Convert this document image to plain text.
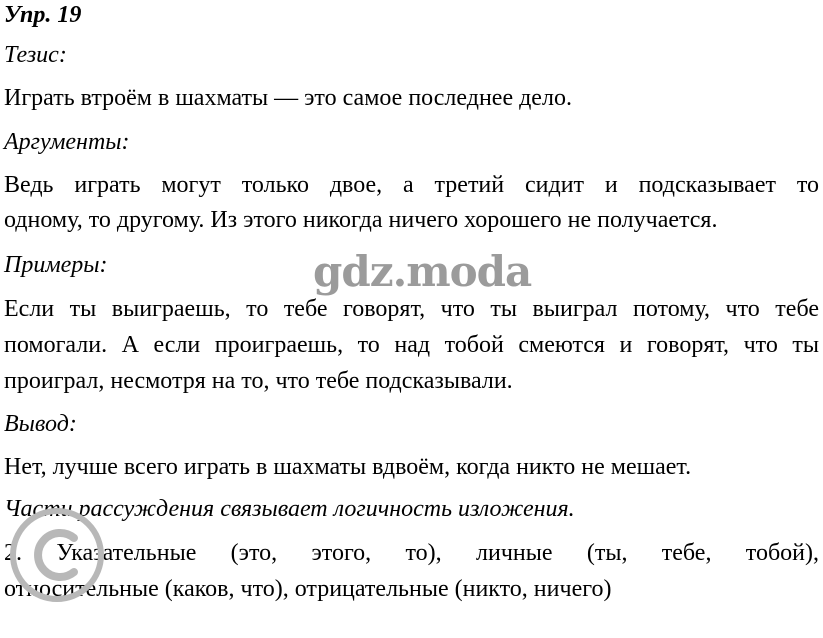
Упр. 19
Тезис:
Играть втроём в шахматы — это самое последнее дело.
Аргументы:
Ведь играть могут только двое, а третий сидит и подсказывает то
одному, то другому. Из этого никогда ничего хорошего не получается.
Примеры:
Если ты выиграешь, то тебе говорят, что ты выиграл потому, что тебе
помогали. А если проиграешь, то над тобой смеются и говорят, что ты
проиграл, несмотря на то, что тебе подсказывали.
Вывод:
Нет, лучше всего играть в шахматы вдвоём, когда никто не мешает.
Части рассуждения связывает логичность изложения.
2. Указательные (это, этого, то), личные (ты, тебе, тобой),
относительные (каков, что), отрицательные (никто, ничего)
gdz.moda
